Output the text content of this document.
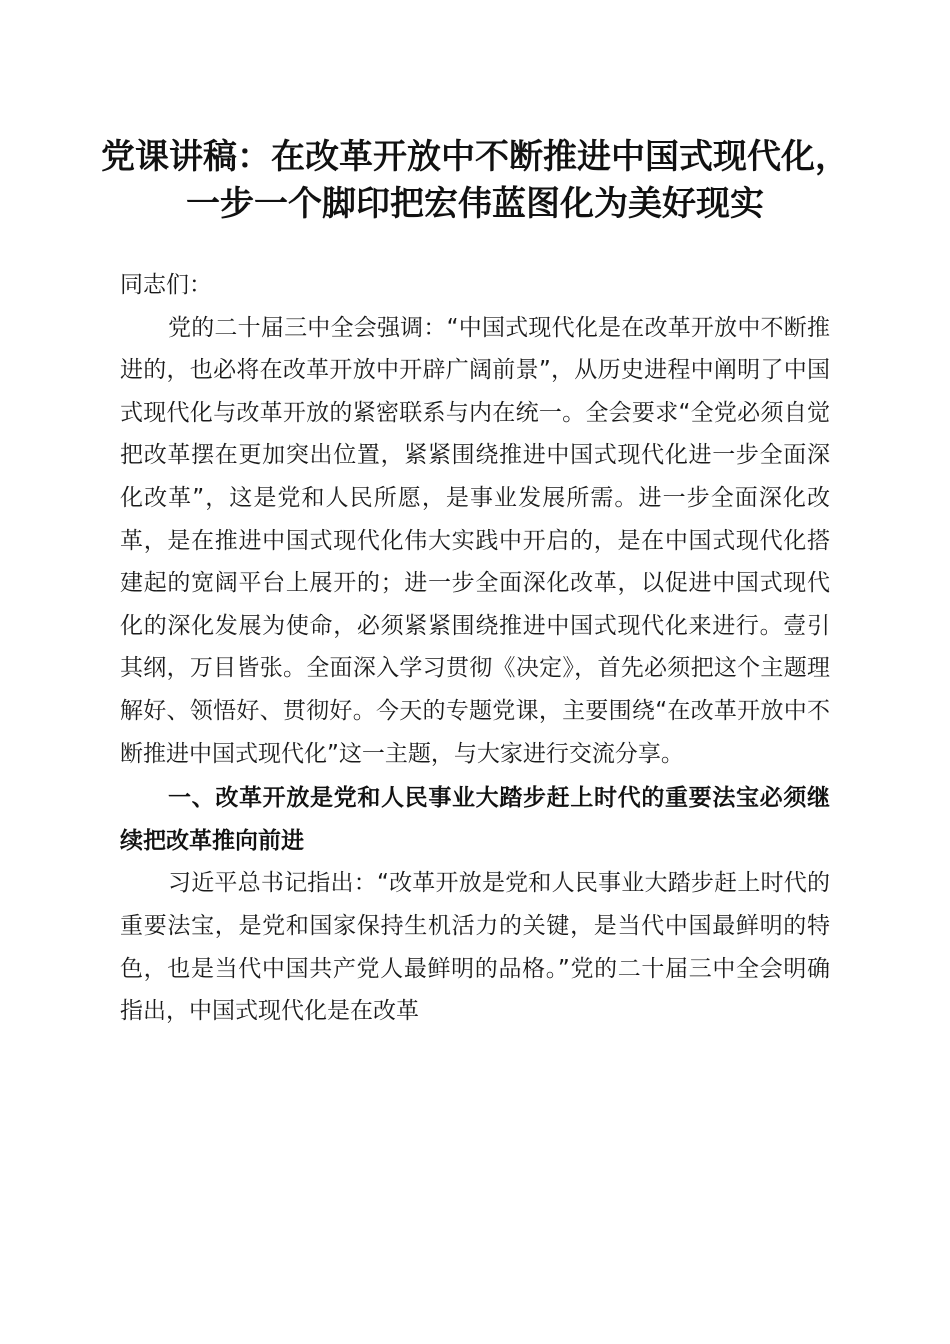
党课讲稿：在改革开放中不断推进中国式现代化，一步一个脚印把宏伟蓝图化为美好现实

同志们：

党的二十届三中全会强调：“中国式现代化是在改革开放中不断推进的，也必将在改革开放中开辟广阔前景”，从历史进程中阐明了中国式现代化与改革开放的紧密联系与内在统一。全会要求“全党必须自觉把改革摆在更加突出位置，紧紧围绕推进中国式现代化进一步全面深化改革”，这是党和人民所愿，是事业发展所需。进一步全面深化改革，是在推进中国式现代化伟大实践中开启的，是在中国式现代化搭建起的宽阔平台上展开的；进一步全面深化改革，以促进中国式现代化的深化发展为使命，必须紧紧围绕推进中国式现代化来进行。壹引其纲，万目皆张。全面深入学习贯彻《决定》，首先必须把这个主题理解好、领悟好、贯彻好。今天的专题党课，主要围绕“在改革开放中不断推进中国式现代化”这一主题，与大家进行交流分享。

一、改革开放是党和人民事业大踏步赶上时代的重要法宝必须继续把改革推向前进

习近平总书记指出：“改革开放是党和人民事业大踏步赶上时代的重要法宝，是党和国家保持生机活力的关键，是当代中国最鲜明的特色，也是当代中国共产党人最鲜明的品格。”党的二十届三中全会明确指出，中国式现代化是在改革
